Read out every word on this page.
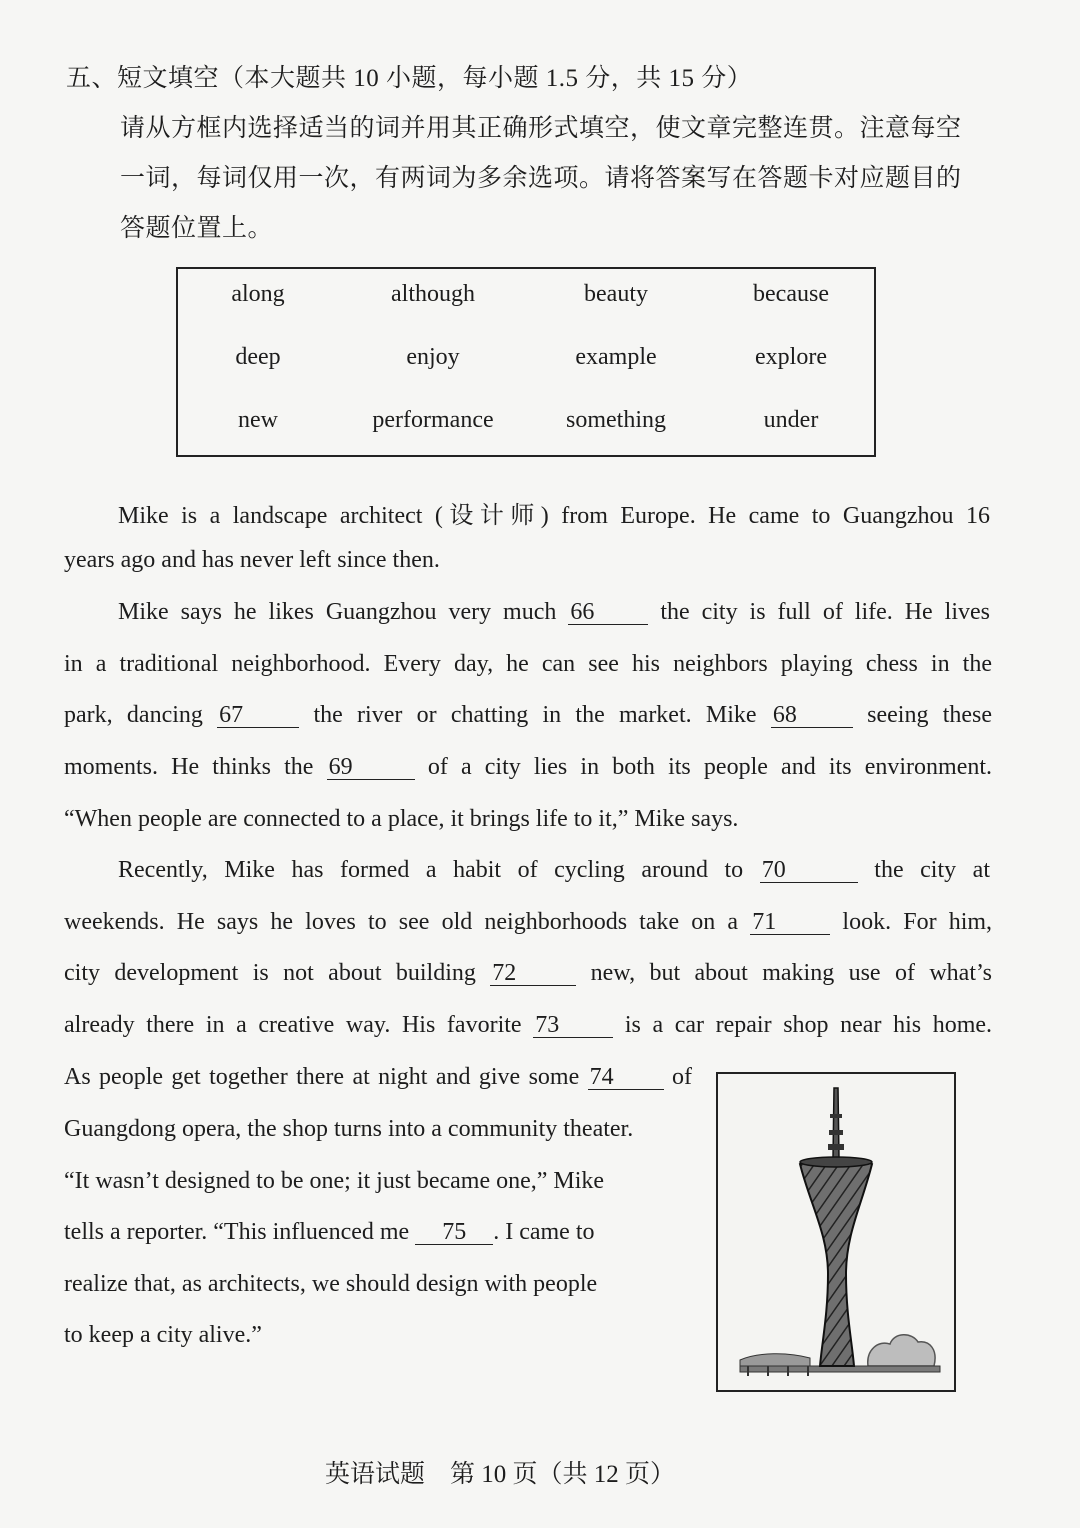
五、短文填空（本大题共 10 小题，每小题 1.5 分，共 15 分）
请从方框内选择适当的词并用其正确形式填空，使文章完整连贯。注意每空
一词，每词仅用一次，有两词为多余选项。请将答案写在答题卡对应题目的
答题位置上。
along	although	beauty	because
deep	enjoy	example	explore
new	performance	something	under
Mike is a landscape architect (设计师) from Europe. He came to Guangzhou 16
years ago and has never left since then.
Mike says he likes Guangzhou very much 66	the city is full of life. He lives
in a traditional neighborhood. Every day, he can see his neighbors playing chess in the
park, dancing 67	the river or chatting in the market. Mike 68	seeing these
moments. He thinks the 69	of a city lies in both its people and its environment.
“When people are connected to a place, it brings life to it,” Mike says.
Recently, Mike has formed a habit of cycling around to 70	the city at
weekends. He says he loves to see old neighborhoods take on a 71	look. For him,
city development is not about building 72	new, but about making use of what’s
already there in a creative way. His favorite 73	is a car repair shop near his home.
As people get together there at night and give some 74 of
Guangdong opera, the shop turns into a community theater.
“It wasn’t designed to be one; it just became one,” Mike
tells a reporter. “This influenced me 75 . I came to
realize that, as architects, we should design with people
to keep a city alive.”
英语试题　第 10 页（共 12 页）
